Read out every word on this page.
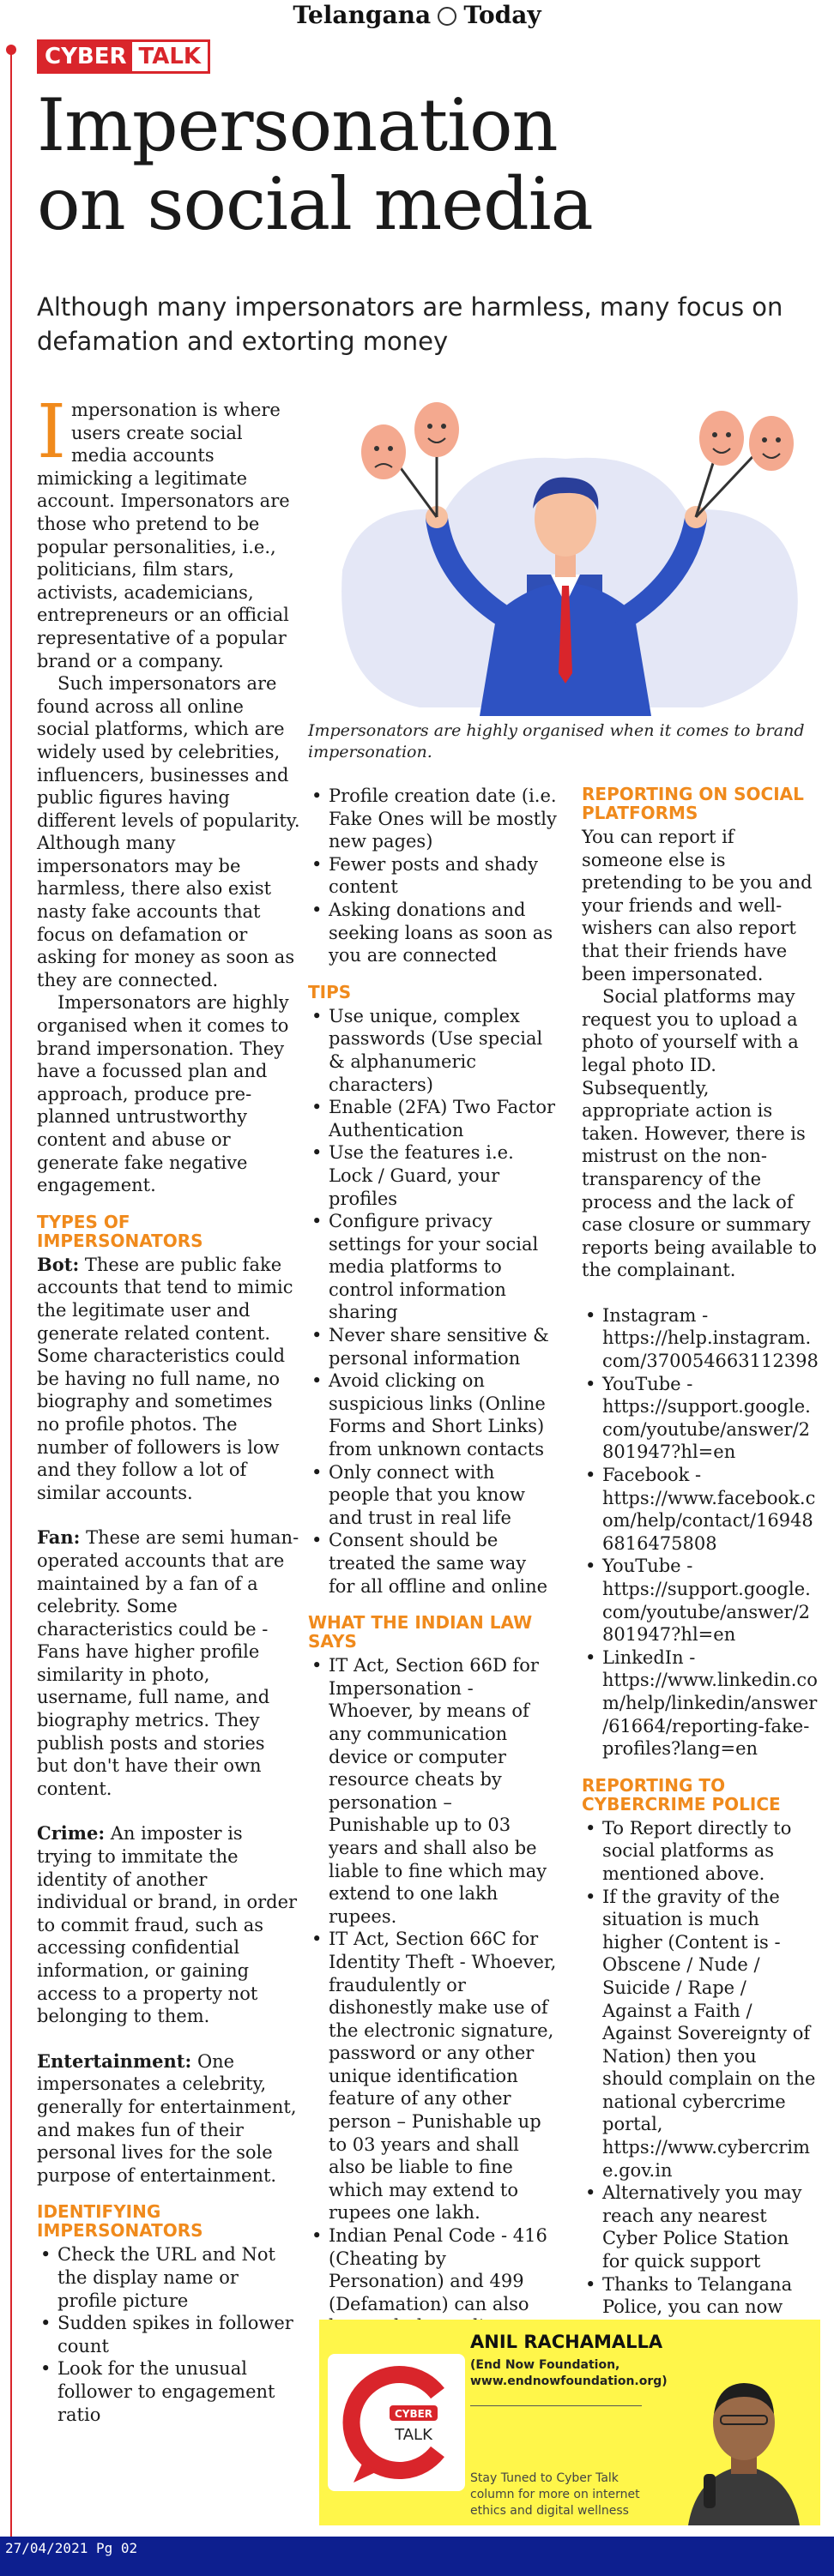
Telangana Today
CYBER TALK
Impersonation
on social media
Although many impersonators are harmless, many focus on defamation and extorting money

Impersonation is where users create social media accounts mimicking a legitimate account. Impersonators are those who pretend to be popular personalities, i.e., politicians, film stars, activists, academicians, entrepreneurs or an official representative of a popular brand or a company.

Such impersonators are found across all online social platforms, which are widely used by celebrities, influencers, businesses and public figures having different levels of popularity. Although many impersonators may be harmless, there also exist nasty fake accounts that focus on defamation or asking for money as soon as they are connected.

Impersonators are highly organised when it comes to brand impersonation. They have a focussed plan and approach, produce pre-planned untrustworthy content and abuse or generate fake negative engagement.

TYPES OF IMPERSONATORS

Bot: These are public fake accounts that tend to mimic the legitimate user and generate related content. Some characteristics could be having no full name, no biography and sometimes no profile photos. The number of followers is low and they follow a lot of similar accounts.

Fan: These are semi human-operated accounts that are maintained by a fan of a celebrity. Some characteristics could be - Fans have higher profile similarity in photo, username, full name, and biography metrics. They publish posts and stories but don't have their own content.

Crime: An imposter is trying to immitate the identity of another individual or brand, in order to commit fraud, such as accessing confidential information, or gaining access to a property not belonging to them.

Entertainment: One impersonates a celebrity, generally for entertainment, and makes fun of their personal lives for the sole purpose of entertainment.

IDENTIFYING IMPERSONATORS
• Check the URL and Not the display name or profile picture
• Sudden spikes in follower count
• Look for the unusual follower to engagement ratio
Impersonators are highly organised when it comes to brand impersonation.
• Profile creation date (i.e. Fake Ones will be mostly new pages)
• Fewer posts and shady content
• Asking donations and seeking loans as soon as you are connected
TIPS
• Use unique, complex passwords (Use special & alphanumeric characters)
• Enable (2FA) Two Factor Authentication
• Use the features i.e. Lock / Guard, your profiles
• Configure privacy settings for your social media platforms to control information sharing
• Never share sensitive & personal information
• Avoid clicking on suspicious links (Online Forms and Short Links) from unknown contacts
• Only connect with people that you know and trust in real life
• Consent should be treated the same way for all offline and online
WHAT THE INDIAN LAW SAYS
• IT Act, Section 66D for Impersonation - Whoever, by means of any communication device or computer resource cheats by personation – Punishable up to 03 years and shall also be liable to fine which may extend to one lakh rupees.
• IT Act, Section 66C for Identity Theft - Whoever, fraudulently or dishonestly make use of the electronic signature, password or any other unique identification feature of any other person – Punishable up to 03 years and shall also be liable to fine which may extend to rupees one lakh.
• Indian Penal Code - 416 (Cheating by Personation) and 499 (Defamation) can also
REPORTING ON SOCIAL PLATFORMS

You can report if someone else is pretending to be you and your friends and well-wishers can also report that their friends have been impersonated.

Social platforms may request you to upload a photo of yourself with a legal photo ID. Subsequently, appropriate action is taken. However, there is mistrust on the non-transparency of the process and the lack of case closure or summary reports being available to the complainant.

• Instagram - https://help.instagram.com/370054663112398
• YouTube - https://support.google.com/youtube/answer/2801947?hl=en
• Facebook - https://www.facebook.com/help/contact/169486816475808
• YouTube - https://support.google.com/youtube/answer/2801947?hl=en
• LinkedIn - https://www.linkedin.com/help/linkedin/answer/61664/reporting-fake-profiles?lang=en
REPORTING TO CYBERCRIME POLICE
• To Report directly to social platforms as mentioned above.
• If the gravity of the situation is much higher (Content is - Obscene / Nude / Suicide / Rape / Against a Faith / Against Sovereignty of Nation) then you should complain on the national cybercrime portal, https://www.cybercrime.gov.in
• Alternatively you may reach any nearest Cyber Police Station for quick support
• Thanks to Telangana Police, you can now
CYBER
TALK
ANIL RACHAMALLA
(End Now Foundation,
www.endnowfoundation.org)
Stay Tuned to Cyber Talk column for more on internet ethics and digital wellness
27/04/2021 Pg 02
